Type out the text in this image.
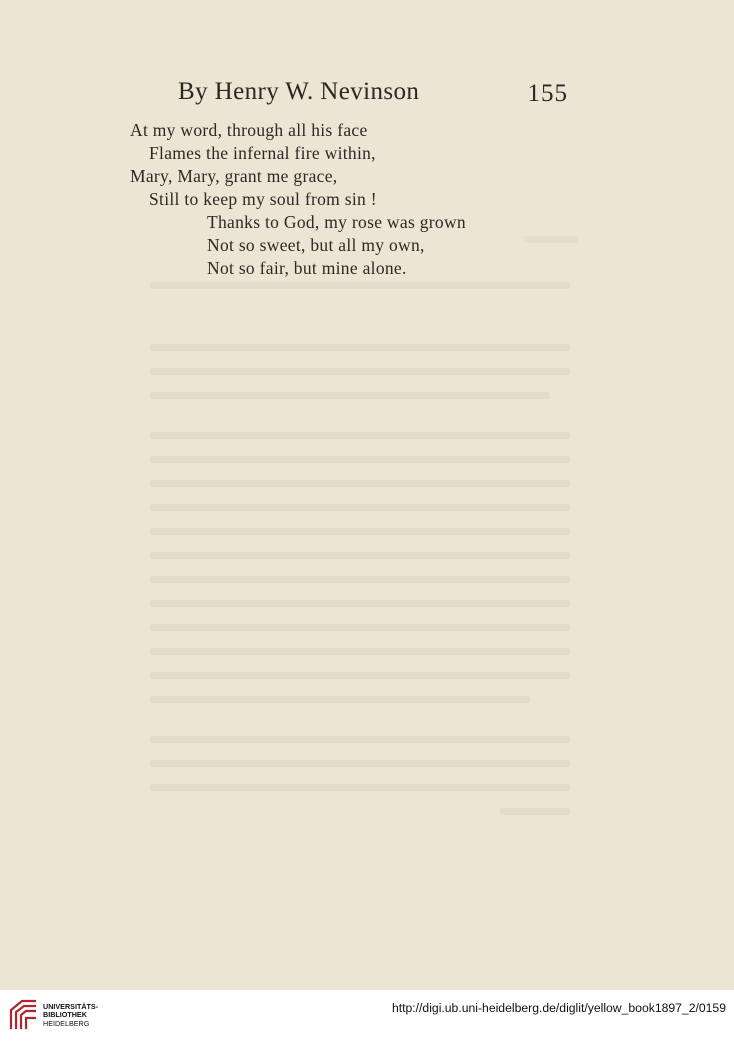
By Henry W. Nevinson	155
At my word, through all his face
Flames the infernal fire within,
Mary, Mary, grant me grace,
Still to keep my soul from sin !
Thanks to God, my rose was grown
Not so sweet, but all my own,
Not so fair, but mine alone.
UNIVERSITÄTS-
BIBLIOTHEK
HEIDELBERG
http://digi.ub.uni-heidelberg.de/diglit/yellow_book1897_2/0159
